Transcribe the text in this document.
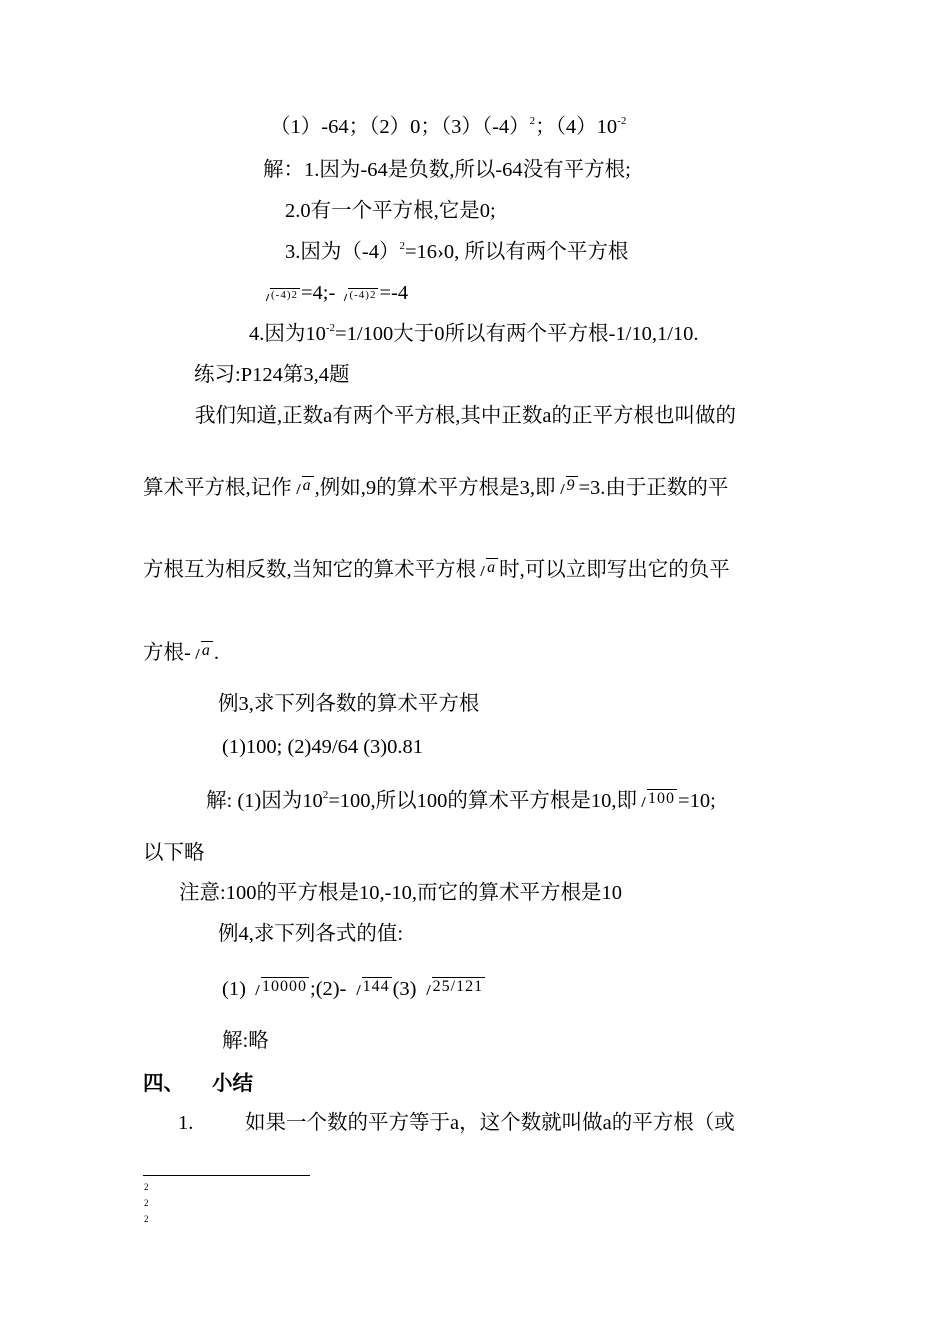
（1）-64；（2）0；$(3)(-4)^2$；$(4)10^{-2}$
解：1.因为-64是负数,所以-64没有平方根;
2.0有一个平方根,它是0;
3.因为$(-4)^2=16›0$, 所以有两个平方根
(-4)2 =4;- (-4)2 =-4
4.因为$10^{-2}=1/100$大于0所以有两个平方根-1/10,1/10.
练习:P124第3,4题
我们知道,正数a有两个平方根,其中正数a的正平方根也叫做的
算术平方根,记作 a ,例如,9的算术平方根是3,即 9 =3.由于正数的平
方根互为相反数,当知它的算术平方根 a 时,可以立即写出它的负平
方根- a .
例3,求下列各数的算术平方根
(1)100; (2)49/64 (3)0.81
解: (1)因为$10^2=100$,所以100的算术平方根是10,即 100 =10;
以下略
注意:100的平方根是10,-10,而它的算术平方根是10
例4,求下列各式的值:
(1) 10000 ;(2)- 144 (3) 25/121
解:略
四、 小结
1.	如果一个数的平方等于a，这个数就叫做a的平方根（或
2
2
2
